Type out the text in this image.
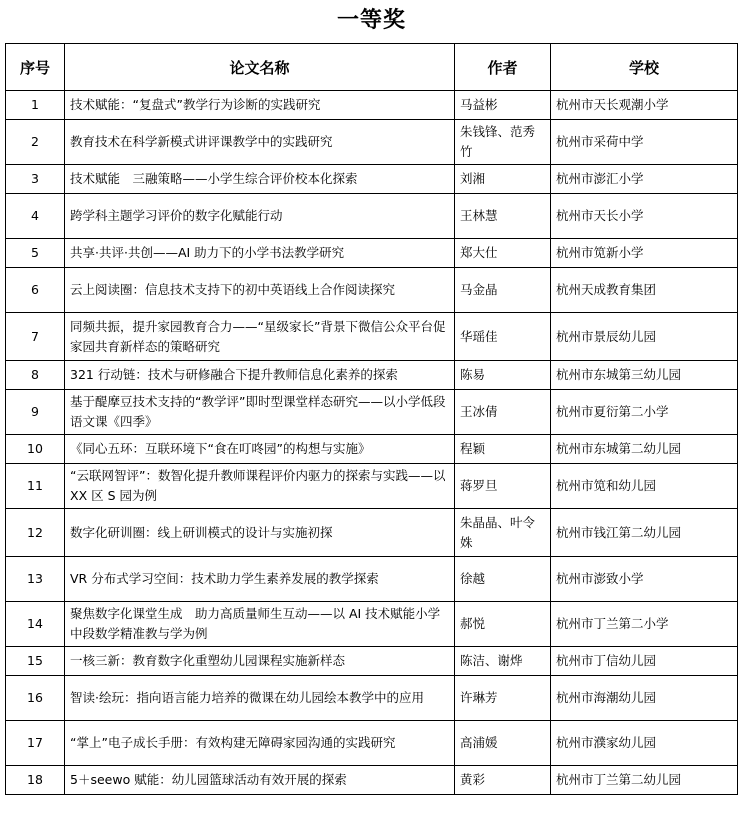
一等奖
序号	论文名称	作者	学校
1	技术赋能：“复盘式”教学行为诊断的实践研究	马益彬	杭州市天长观潮小学
2	教育技术在科学新模式讲评课教学中的实践研究	朱钱锋、范秀竹	杭州市采荷中学
3	技术赋能　三融策略——小学生综合评价校本化探索	刘湘	杭州市澎汇小学
4	跨学科主题学习评价的数字化赋能行动	王林慧	杭州市天长小学
5	共享·共评·共创——AI 助力下的小学书法教学研究	郑大仕	杭州市笕新小学
6	云上阅读圈：信息技术支持下的初中英语线上合作阅读探究	马金晶	杭州天成教育集团
7	同频共振，提升家园教育合力——“星级家长”背景下微信公众平台促家园共育新样态的策略研究	华瑶佳	杭州市景辰幼儿园
8	321 行动链：技术与研修融合下提升教师信息化素养的探索	陈易	杭州市东城第三幼儿园
9	基于醍摩豆技术支持的“教学评”即时型课堂样态研究——以小学低段语文课《四季》	王冰倩	杭州市夏衍第二小学
10	《同心五环：互联环境下“食在叮咚园”的构想与实施》	程颖	杭州市东城第二幼儿园
11	“云联网智评”：数智化提升教师课程评价内驱力的探索与实践——以 XX 区 S 园为例	蒋罗旦	杭州市笕和幼儿园
12	数字化研训圈：线上研训模式的设计与实施初探	朱晶晶、叶令姝	杭州市钱江第二幼儿园
13	VR 分布式学习空间：技术助力学生素养发展的教学探索	徐越	杭州市澎致小学
14	聚焦数字化课堂生成　助力高质量师生互动——以 AI 技术赋能小学中段数学精准教与学为例	郝悦	杭州市丁兰第二小学
15	一核三新：教育数字化重塑幼儿园课程实施新样态	陈洁、谢烨	杭州市丁信幼儿园
16	智读·绘玩：指向语言能力培养的微课在幼儿园绘本教学中的应用	许琳芳	杭州市海潮幼儿园
17	“掌上”电子成长手册：有效构建无障碍家园沟通的实践研究	高浦媛	杭州市濮家幼儿园
18	5＋seewo 赋能：幼儿园篮球活动有效开展的探索	黄彩	杭州市丁兰第二幼儿园
